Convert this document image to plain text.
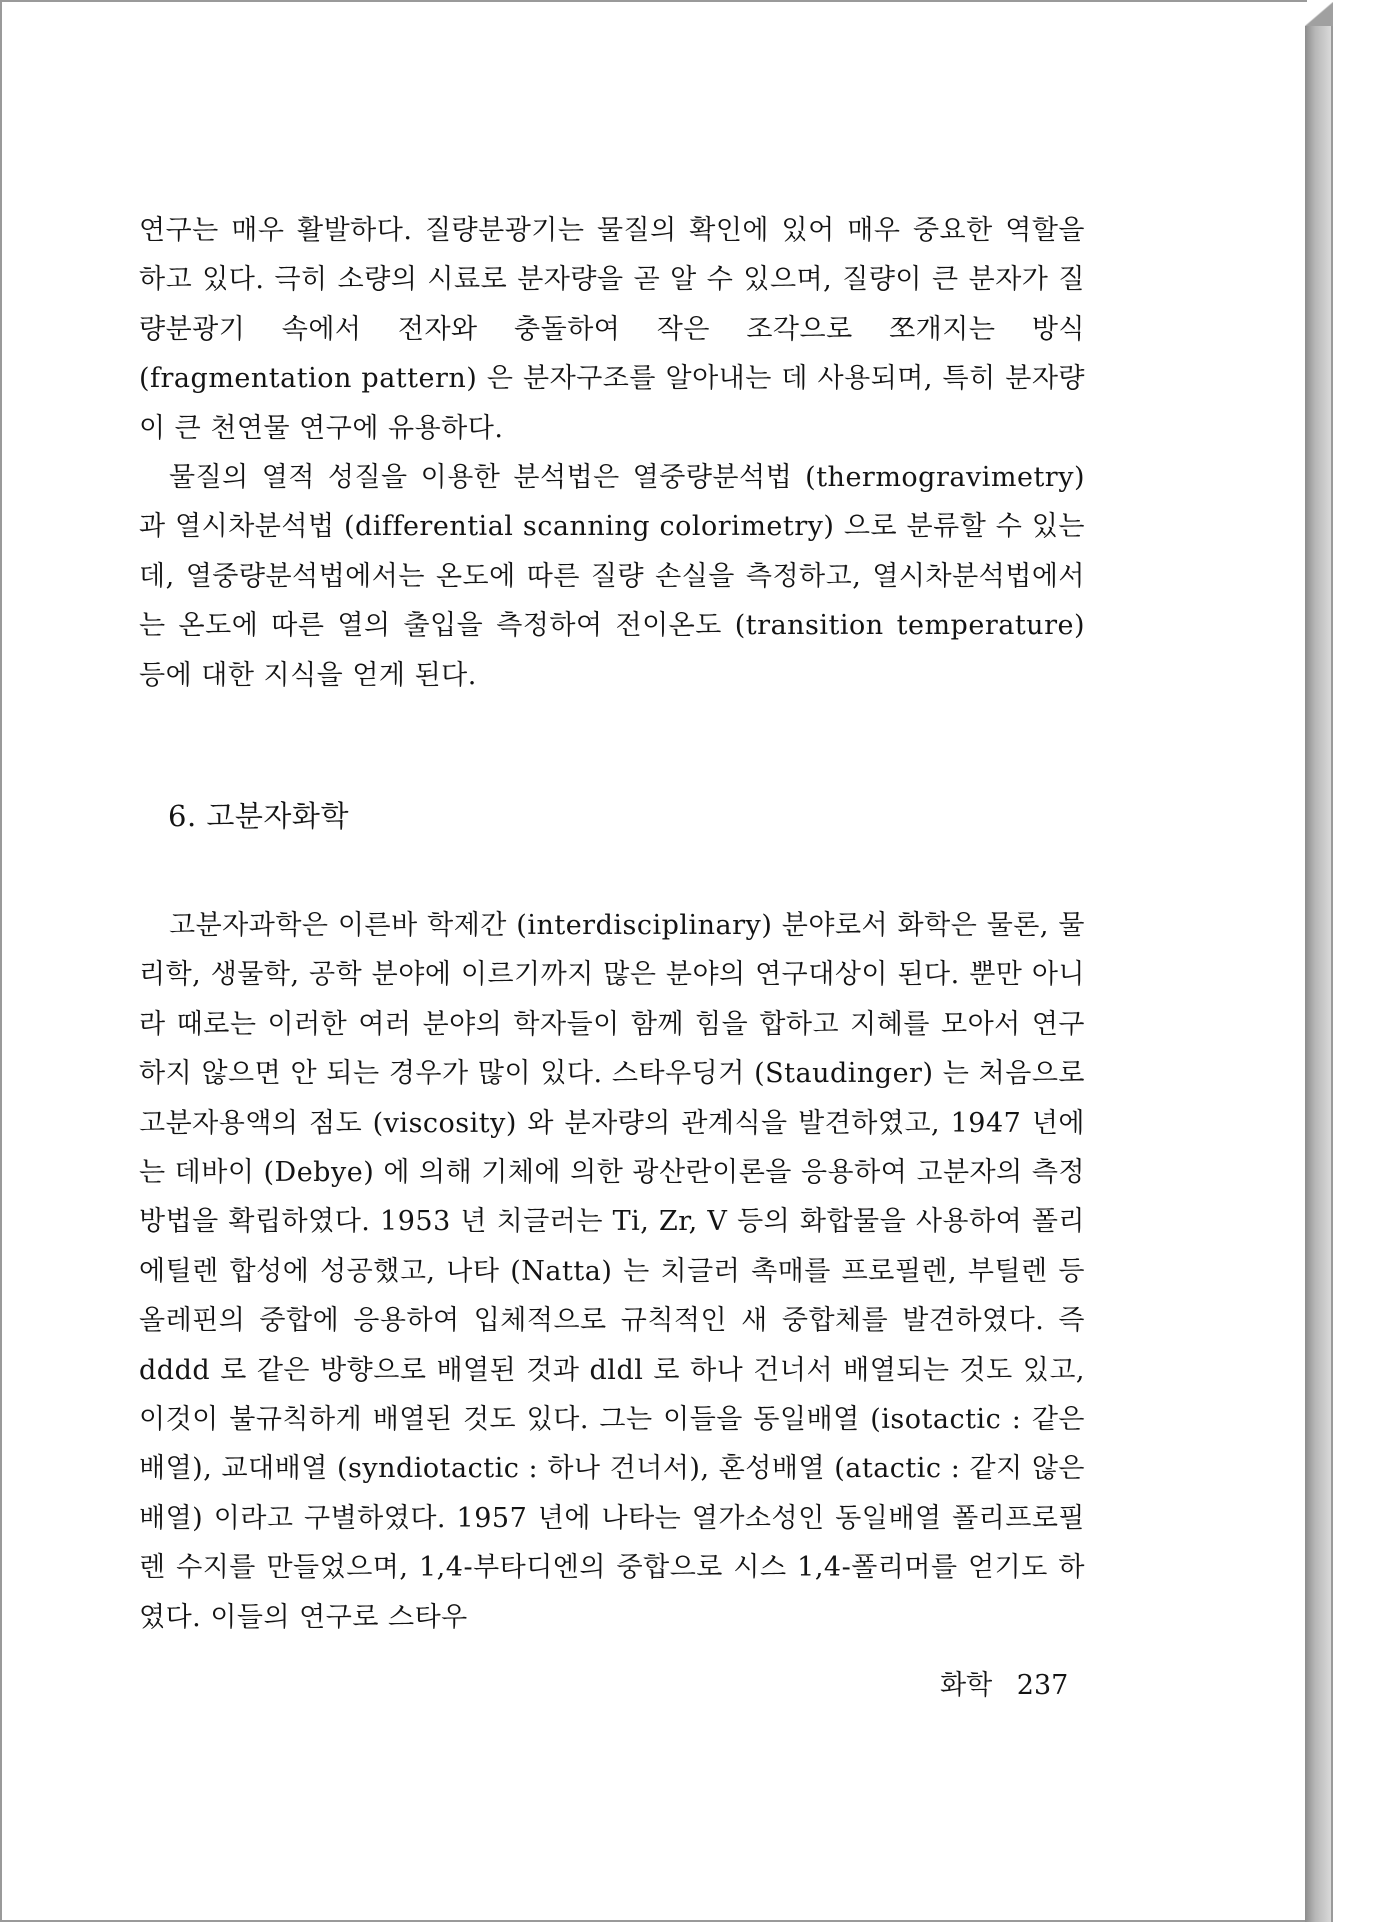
연구는 매우 활발하다. 질량분광기는 물질의 확인에 있어 매우 중요한 역할을 하고 있다. 극히 소량의 시료로 분자량을 곧 알 수 있으며, 질량이 큰 분자가 질량분광기 속에서 전자와 충돌하여 작은 조각으로 쪼개지는 방식 (fragmentation pattern) 은 분자구조를 알아내는 데 사용되며, 특히 분자량이 큰 천연물 연구에 유용하다.
물질의 열적 성질을 이용한 분석법은 열중량분석법 (thermogravimetry) 과 열시차분석법 (differential scanning colorimetry) 으로 분류할 수 있는데, 열중량분석법에서는 온도에 따른 질량 손실을 측정하고, 열시차분석법에서는 온도에 따른 열의 출입을 측정하여 전이온도 (transition temperature) 등에 대한 지식을 얻게 된다.
6. 고분자화학
고분자과학은 이른바 학제간 (interdisciplinary) 분야로서 화학은 물론, 물리학, 생물학, 공학 분야에 이르기까지 많은 분야의 연구대상이 된다. 뿐만 아니라 때로는 이러한 여러 분야의 학자들이 함께 힘을 합하고 지혜를 모아서 연구하지 않으면 안 되는 경우가 많이 있다. 스타우딩거 (Staudinger) 는 처음으로 고분자용액의 점도 (viscosity) 와 분자량의 관계식을 발견하였고, 1947 년에는 데바이 (Debye) 에 의해 기체에 의한 광산란이론을 응용하여 고분자의 측정방법을 확립하였다. 1953 년 치글러는 Ti, Zr, V 등의 화합물을 사용하여 폴리에틸렌 합성에 성공했고, 나타 (Natta) 는 치글러 촉매를 프로필렌, 부틸렌 등 올레핀의 중합에 응용하여 입체적으로 규칙적인 새 중합체를 발견하였다. 즉 dddd 로 같은 방향으로 배열된 것과 dldl 로 하나 건너서 배열되는 것도 있고, 이것이 불규칙하게 배열된 것도 있다. 그는 이들을 동일배열 (isotactic : 같은 배열), 교대배열 (syndiotactic : 하나 건너서), 혼성배열 (atactic : 같지 않은 배열) 이라고 구별하였다. 1957 년에 나타는 열가소성인 동일배열 폴리프로필렌 수지를 만들었으며, 1,4-부타디엔의 중합으로 시스 1,4-폴리머를 얻기도 하였다. 이들의 연구로 스타우
화학 237
